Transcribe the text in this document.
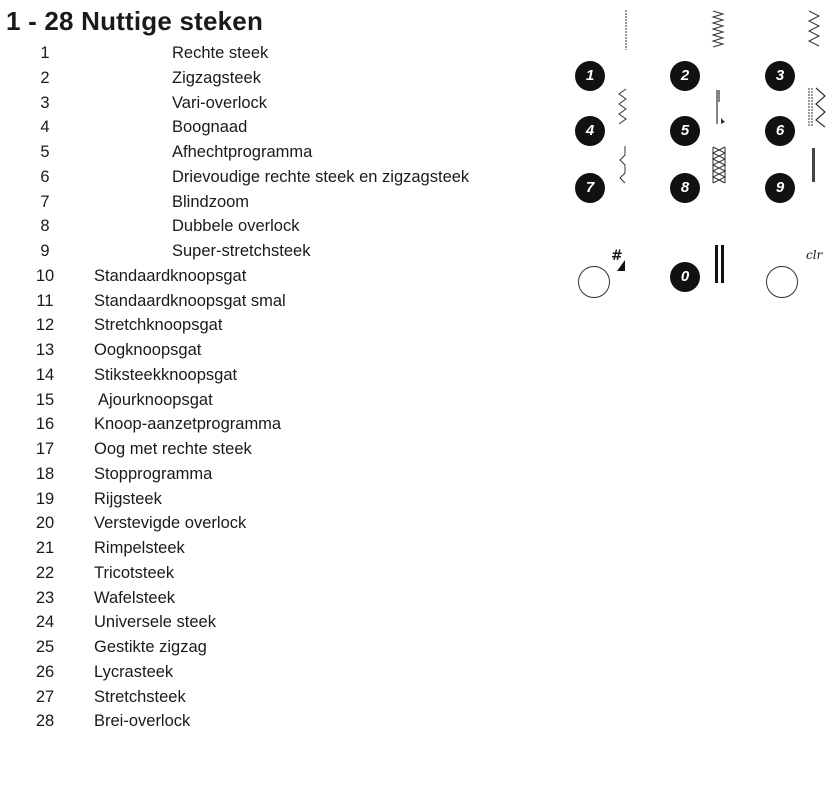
1 - 28 Nuttige steken
1	Rechte steek
2	Zigzagsteek
3	Vari-overlock
4	Boognaad
5	Afhechtprogramma
6	Drievoudige rechte steek en zigzagsteek
7	Blindzoom
8	Dubbele overlock
9	Super-stretchsteek
10	Standaardknoopsgat
11	Standaardknoopsgat smal
12	Stretchknoopsgat
13	Oogknoopsgat
14	Stiksteekknoopsgat
15	Ajourknoopsgat
16	Knoop-aanzetprogramma
17	Oog met rechte steek
18	Stopprogramma
19	Rijgsteek
20	Verstevigde overlock
21	Rimpelsteek
22	Tricotsteek
23	Wafelsteek
24	Universele steek
25	Gestikte zigzag
26	Lycrasteek
27	Stretchsteek
28	Brei-overlock
1	2	3
4	5	6
7	8	9
#
0
clr
